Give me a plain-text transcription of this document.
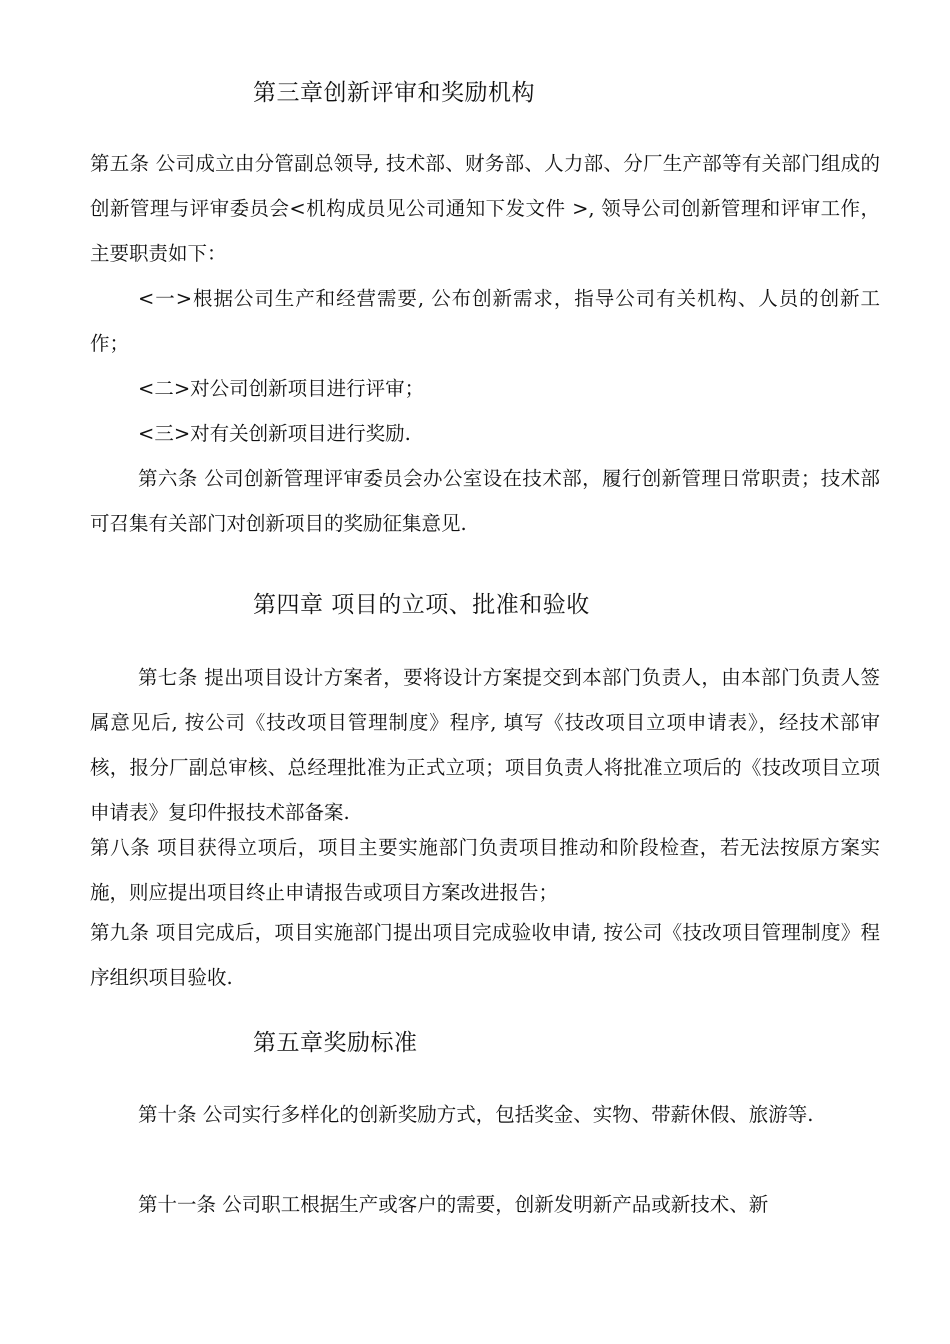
第三章创新评审和奖励机构

第五条 公司成立由分管副总领导, 技术部、财务部、人力部、分厂生产部等有关部门组成的创新管理与评审委员会<机构成员见公司通知下发文件 >, 领导公司创新管理和评审工作，主要职责如下：

<一>根据公司生产和经营需要, 公布创新需求，指导公司有关机构、人员的创新工作；

<二>对公司创新项目进行评审；

<三>对有关创新项目进行奖励.

第六条 公司创新管理评审委员会办公室设在技术部，履行创新管理日常职责；技术部可召集有关部门对创新项目的奖励征集意见.

第四章 项目的立项、批准和验收

第七条 提出项目设计方案者，要将设计方案提交到本部门负责人，由本部门负责人签属意见后, 按公司《技改项目管理制度》程序, 填写《技改项目立项申请表》，经技术部审核，报分厂副总审核、总经理批准为正式立项；项目负责人将批准立项后的《技改项目立项申请表》复印件报技术部备案.

第八条 项目获得立项后，项目主要实施部门负责项目推动和阶段检查，若无法按原方案实施，则应提出项目终止申请报告或项目方案改进报告；

第九条 项目完成后，项目实施部门提出项目完成验收申请, 按公司《技改项目管理制度》程序组织项目验收.

第五章奖励标准

第十条 公司实行多样化的创新奖励方式，包括奖金、实物、带薪休假、旅游等.

第十一条 公司职工根据生产或客户的需要，创新发明新产品或新技术、新
